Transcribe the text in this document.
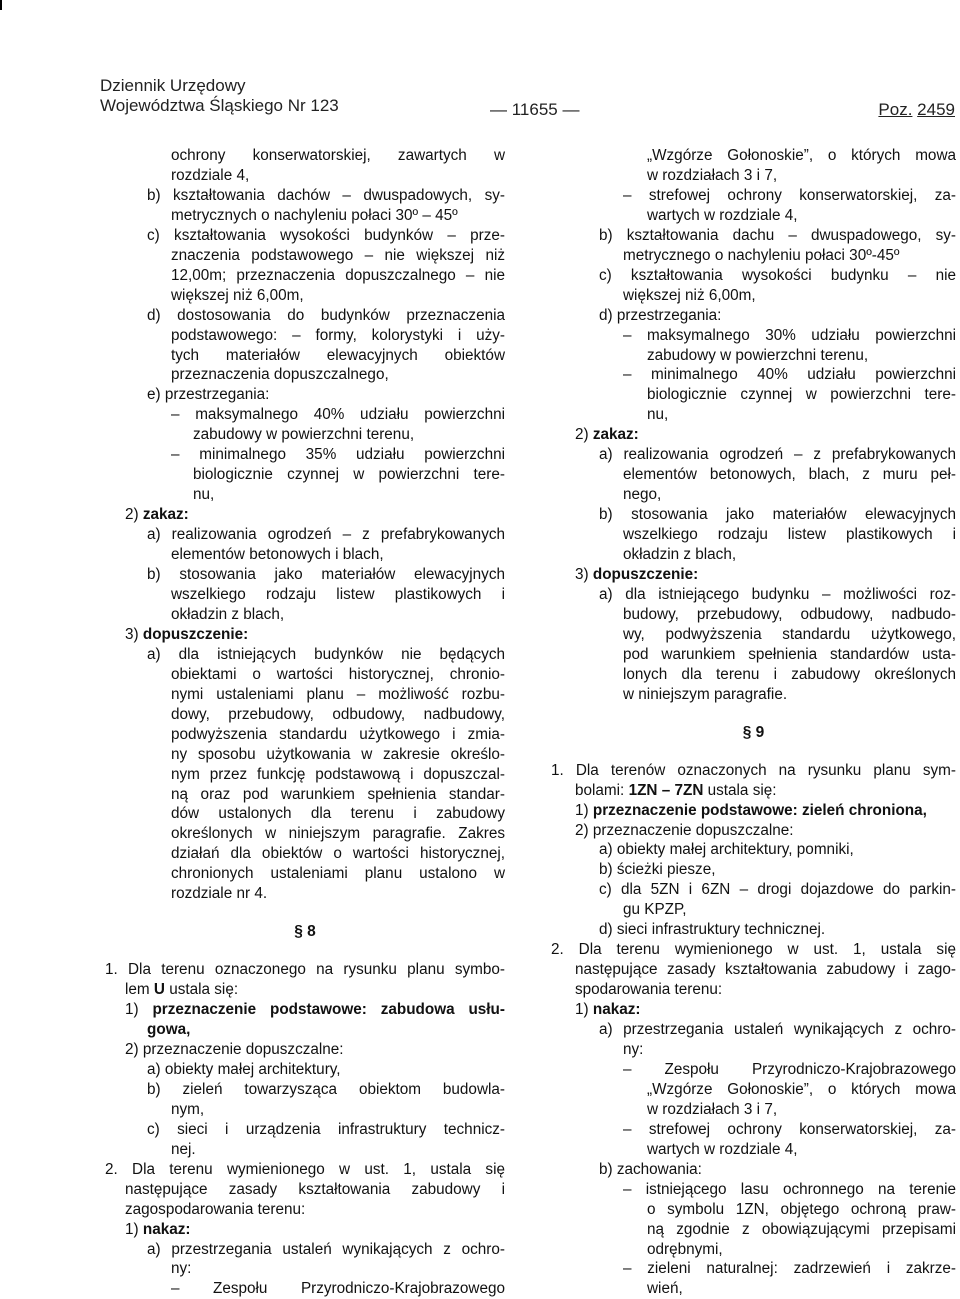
Dziennik Urzędowy
Województwa Śląskiego Nr 123	— 11655 —	Poz. 2459
ochrony konserwatorskiej, zawartych w
rozdziale 4,
b) kształtowania dachów – dwuspadowych, sy-
metrycznych o nachyleniu połaci 30º – 45º
c) kształtowania wysokości budynków – prze-
znaczenia podstawowego – nie większej niż
12,00m; przeznaczenia dopuszczalnego – nie
większej niż 6,00m,
d) dostosowania do budynków przeznaczenia
podstawowego: – formy, kolorystyki i uży-
tych materiałów elewacyjnych obiektów
przeznaczenia dopuszczalnego,
e) przestrzegania:
– maksymalnego 40% udziału powierzchni
zabudowy w powierzchni terenu,
– minimalnego 35% udziału powierzchni
biologicznie czynnej w powierzchni tere-
nu,
2) zakaz:
a) realizowania ogrodzeń – z prefabrykowanych
elementów betonowych i blach,
b) stosowania jako materiałów elewacyjnych
wszelkiego rodzaju listew plastikowych i
okładzin z blach,
3) dopuszczenie:
a) dla istniejących budynków nie będących
obiektami o wartości historycznej, chronio-
nymi ustaleniami planu – możliwość rozbu-
dowy, przebudowy, odbudowy, nadbudowy,
podwyższenia standardu użytkowego i zmia-
ny sposobu użytkowania w zakresie określo-
nym przez funkcję podstawową i dopuszczal-
ną oraz pod warunkiem spełnienia standar-
dów ustalonych dla terenu i zabudowy
określonych w niniejszym paragrafie. Zakres
działań dla obiektów o wartości historycznej,
chronionych ustaleniami planu ustalono w
rozdziale nr 4.
§ 8
1. Dla terenu oznaczonego na rysunku planu symbo-
lem U ustala się:
1) przeznaczenie podstawowe: zabudowa usłu-
gowa,
2) przeznaczenie dopuszczalne:
a) obiekty małej architektury,
b) zieleń towarzysząca obiektom budowla-
nym,
c) sieci i urządzenia infrastruktury technicz-
nej.
2. Dla terenu wymienionego w ust. 1, ustala się
następujące zasady kształtowania zabudowy i
zagospodarowania terenu:
1) nakaz:
a) przestrzegania ustaleń wynikających z ochro-
ny:
– Zespołu Przyrodniczo-Krajobrazowego
„Wzgórze Gołonoskie”, o których mowa
w rozdziałach 3 i 7,
– strefowej ochrony konserwatorskiej, za-
wartych w rozdziale 4,
b) kształtowania dachu – dwuspadowego, sy-
metrycznego o nachyleniu połaci 30º-45º
c) kształtowania wysokości budynku – nie
większej niż 6,00m,
d) przestrzegania:
– maksymalnego 30% udziału powierzchni
zabudowy w powierzchni terenu,
– minimalnego 40% udziału powierzchni
biologicznie czynnej w powierzchni tere-
nu,
2) zakaz:
a) realizowania ogrodzeń – z prefabrykowanych
elementów betonowych, blach, z muru peł-
nego,
b) stosowania jako materiałów elewacyjnych
wszelkiego rodzaju listew plastikowych i
okładzin z blach,
3) dopuszczenie:
a) dla istniejącego budynku – możliwości roz-
budowy, przebudowy, odbudowy, nadbudo-
wy, podwyższenia standardu użytkowego,
pod warunkiem spełnienia standardów usta-
lonych dla terenu i zabudowy określonych
w niniejszym paragrafie.
§ 9
1. Dla terenów oznaczonych na rysunku planu sym-
bolami: 1ZN – 7ZN ustala się:
1) przeznaczenie podstawowe: zieleń chroniona,
2) przeznaczenie dopuszczalne:
a) obiekty małej architektury, pomniki,
b) ścieżki piesze,
c) dla 5ZN i 6ZN – drogi dojazdowe do parkin-
gu KPZP,
d) sieci infrastruktury technicznej.
2. Dla terenu wymienionego w ust. 1, ustala się
następujące zasady kształtowania zabudowy i zago-
spodarowania terenu:
1) nakaz:
a) przestrzegania ustaleń wynikających z ochro-
ny:
– Zespołu Przyrodniczo-Krajobrazowego
„Wzgórze Gołonoskie”, o których mowa
w rozdziałach 3 i 7,
– strefowej ochrony konserwatorskiej, za-
wartych w rozdziale 4,
b) zachowania:
– istniejącego lasu ochronnego na terenie
o symbolu 1ZN, objętego ochroną praw-
ną zgodnie z obowiązującymi przepisami
odrębnymi,
– zieleni naturalnej: zadrzewień i zakrze-
wień,
